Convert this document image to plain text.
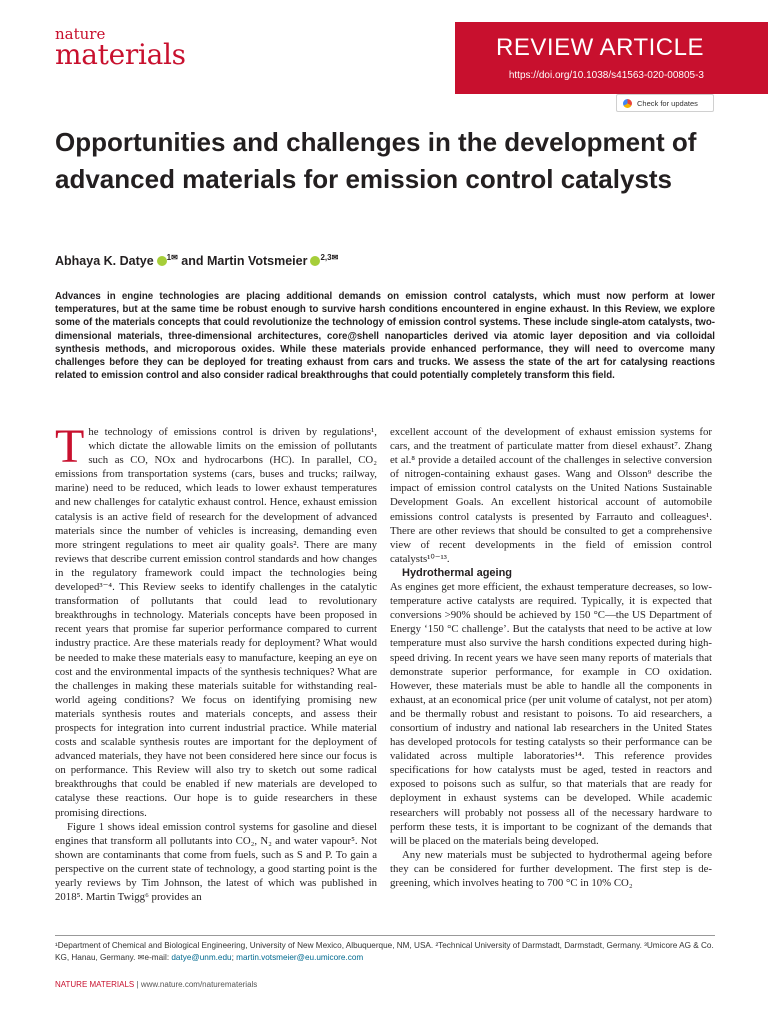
nature
materials	REVIEW ARTICLE
https://doi.org/10.1038/s41563-020-00805-3
Check for updates
Opportunities and challenges in the development of advanced materials for emission control catalysts
Abhaya K. Datye $^{1✉}$ and Martin Votsmeier $^{2,3✉}$
Advances in engine technologies are placing additional demands on emission control catalysts, which must now perform at lower temperatures, but at the same time be robust enough to survive harsh conditions encountered in engine exhaust. In this Review, we explore some of the materials concepts that could revolutionize the technology of emission control systems. These include single-atom catalysts, two-dimensional materials, three-dimensional architectures, core@shell nanoparticles derived via atomic layer deposition and via colloidal synthesis methods, and microporous oxides. While these materials provide enhanced performance, they will need to overcome many challenges before they can be deployed for treating exhaust from cars and trucks. We assess the state of the art for catalysing reactions related to emission control and also consider radical breakthroughs that could potentially completely transform this field.

The technology of emissions control is driven by regulations¹, which dictate the allowable limits on the emission of pollutants such as CO, NOx and hydrocarbons (HC). In parallel, CO₂ emissions from transportation systems (cars, buses and trucks; railway, marine) need to be reduced, which leads to lower exhaust temperatures and new challenges for catalytic exhaust control. Hence, exhaust emission catalysis is an active field of research for the development of advanced materials since the number of vehicles is increasing, demanding even more stringent regulations to meet air quality goals². There are many reviews that describe current emission control standards and how changes in the regulatory framework could impact the technologies being developed³⁻⁴. This Review seeks to identify challenges in the catalytic transformation of pollutants that could lead to revolutionary breakthroughs in technology. Materials concepts have been proposed in recent years that promise far superior performance compared to current industry practice. Are these materials ready for deployment? What would be needed to make these materials easy to manufacture, keeping an eye on cost and the environmental impacts of the synthesis techniques? What are the challenges in making these materials suitable for withstanding real-world ageing conditions? We focus on identifying promising new materials synthesis routes and materials concepts, and assess their prospects for integration into current industrial practice. While material costs and scalable synthesis routes are important for the deployment of advanced materials, they have not been considered here since our focus is on performance. This Review will also try to sketch out some radical breakthroughs that could be enabled if new materials are developed to catalyse these reactions. Our hope is to guide researchers in these promising directions.

Figure 1 shows ideal emission control systems for gasoline and diesel engines that transform all pollutants into CO₂, N₂ and water vapour⁵. Not shown are contaminants that come from fuels, such as S and P. To gain a perspective on the current state of technology, a good starting point is the yearly reviews by Tim Johnson, the latest of which was published in 2018⁵. Martin Twigg⁶ provides an

excellent account of the development of exhaust emission systems for cars, and the treatment of particulate matter from diesel exhaust⁷. Zhang et al.⁸ provide a detailed account of the challenges in selective conversion of nitrogen-containing exhaust gases. Wang and Olsson⁹ describe the impact of emission control catalysts on the United Nations Sustainable Development Goals. An excellent historical account of automobile emissions control catalysts is presented by Farrauto and colleagues¹. There are other reviews that should be consulted to get a comprehensive view of recent developments in the field of emission control catalysts¹⁰⁻¹³.

Hydrothermal ageing

As engines get more efficient, the exhaust temperature decreases, so low-temperature active catalysts are required. Typically, it is expected that conversions >90% should be achieved by 150 °C—the US Department of Energy ‘150 °C challenge’. But the catalysts that need to be active at low temperature must also survive the harsh conditions expected during high-speed driving. In recent years we have seen many reports of materials that demonstrate superior performance, for example in CO oxidation. However, these materials must be able to handle all the components in exhaust, at an economical price (per unit volume of catalyst, not per atom) and be thermally robust and resistant to poisons. To aid researchers, a consortium of industry and national lab researchers in the United States has developed protocols for testing catalysts so their performance can be validated across multiple laboratories¹⁴. This reference provides specifications for how catalysts must be aged, tested in reactors and exposed to poisons such as sulfur, so that materials that are ready for deployment in exhaust systems can be developed. While academic researchers will probably not possess all of the necessary hardware to perform these tests, it is important to be cognizant of the demands that will be placed on the materials being developed.

Any new materials must be subjected to hydrothermal ageing before they can be considered for further development. The first step is de-greening, which involves heating to 700 °C in 10% CO₂

¹Department of Chemical and Biological Engineering, University of New Mexico, Albuquerque, NM, USA. ²Technical University of Darmstadt, Darmstadt, Germany. ³Umicore AG & Co. KG, Hanau, Germany. ✉e-mail: datye@unm.edu; martin.votsmeier@eu.umicore.com
NATURE MATERIALS | www.nature.com/naturematerials
